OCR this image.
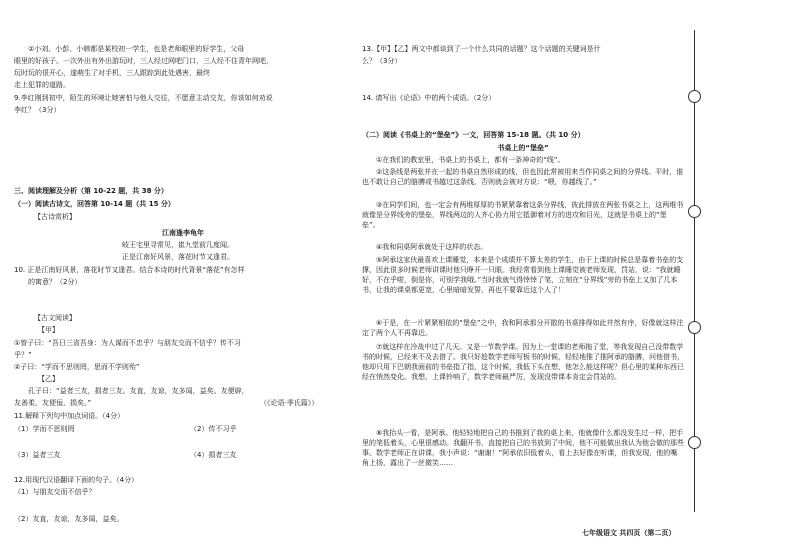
②小刘、小彭、小韩都是某校初一学生，也是老师眼里的好学生，父母
眼里的好孩子。一次外出有外出游玩时，三人经过网吧门口，三人经不住青年网吧，
玩时玩的很开心，遂萌生了对手机，三人跟踪到此处遇害，最终
走上犯罪的道路。
9.李红刚到初中，陌生的环境让她害怕与他人交往，不愿意主动交友，你该如何劝说
李红？（3分）
三、阅读理解及分析（第 10-22 题，共 38 分）
（一）阅读古诗文，回答第 10-14 题（共 15 分）
【古诗赏析】
江南逢李龟年
岐王宅里寻常见，崔九堂前几度闻。
正是江南好风景，落花时节又逢君。
10. 正是江南好风景，落花时节又逢君。结合本诗的时代背景“落花”有怎样
的寓意？（2分）
【古文阅读】
【甲】
①曾子曰：“吾日三省吾身：为人谋而不忠乎？与朋友交而不信乎？传不习
乎？”
②子曰：“学而不思则罔，思而不学则殆”
【乙】
孔子曰：“益者三友，损者三友。友直，友谅，友多闻，益矣。友便辟，
友善柔，友便佞，损矣。”	（《论语·季氏篇》）
11.解释下列句中加点词语。（4分）
（1）学而不思则罔	（2）传不习乎
（3）益者三友	（4）损者三友
12.用现代汉语翻译下面的句子。（4分）
（1）与朋友交而不信乎？
（2）友直，友谅，友多闻，益矣。
13.【甲】【乙】两文中都谈到了一个什么共同的话题？这个话题的关键词是什
么？（3分）
14. 请写出《论语》中的两个成语。（2分）
（二）阅读《书桌上的“堡垒”》一文，回答第 15-18 题。（共 10 分）
书桌上的“堡垒”
①在我们的教室里，书桌上的书桌上，都有一条神奇的“线”。
②这条线是两张并在一起的书桌自然形成的线，但也因此常被用来当作同桌之间的分界线。平时，谁也不敢让自己的胳膊或书越过这条线，否则就会被对方说：“喂，你越线了。”
③在同学们间，也一定会有两堆厚厚的书紧紧靠着这条分界线，彼此排放在两张书桌之上，这两堆书就像是分界线旁的堡垒，界线两边的人齐心协力用它抵御着对方的进攻和目光，这就是书桌上的“堡垒”。
④我和同桌阿承就处于这样的状态。
⑤阿承这家伙最喜欢上课睡觉，本来是个成绩并不算太差的学生，由于上课的时候总是靠着书垒的支撑，因此很多时候老师讲课时他只睁开一只眼。我经常看到他上课睡觉被老师发现，罚站，说：“我就睡好，不在乎啦，倒是你，可别学我哦。”当时我就气得悻悻了笔，立刻在“分界线”旁的书垒上又加了几本书，让我的课桌都更宽，心里暗暗发誓，再也不要靠近这个人了！
⑥于是，在一片紧紧相依的“堡垒”之中，我和阿承那分开散的书桌排得如此井然有序，好像就这样注定了两个人不再靠近。
⑦就这样在冷战中过了几天。又是一节数学课。因为上一堂课的老师拖了堂，等我发现自己没带数学书的时候，已经来不及去借了。我只好趁数学老师写板书的时候，轻轻地推了推阿承的胳膊，问他借书，他却只用下巴朝我面前的书垒指了指，这个时候，我低下头在想，他怎么能这样呢？但心里的某种东西已经在悄然变化。我想，上课铃响了，数学老师最严厉，发现没带课本肯定会罚站的。
⑧我抬头一看，是阿承。他轻轻地把自己的书推到了我的桌上来，他就像什么都没发生过一样，把手里的笔低着头，心里很感动。我翻开书，直接把自己的书放到了中间，他不可能做出我认为他会做的那些事。数学老师正在讲课，我小声说：“谢谢！”阿承依旧低着头，看上去好像在听课，但我发现，他的嘴角上扬，露出了一丝微笑……
七年级语文 共四页（第二页）
